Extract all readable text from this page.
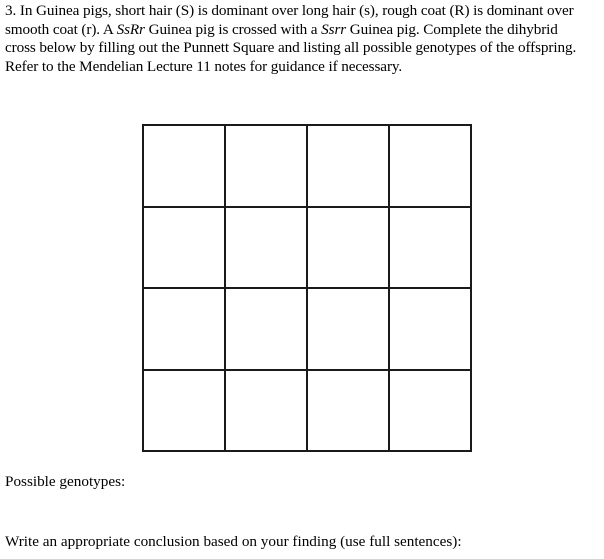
3. In Guinea pigs, short hair (S) is dominant over long hair (s), rough coat (R) is dominant over
smooth coat (r). A SsRr Guinea pig is crossed with a Ssrr Guinea pig. Complete the dihybrid
cross below by filling out the Punnett Square and listing all possible genotypes of the offspring.
Refer to the Mendelian Lecture 11 notes for guidance if necessary.

Possible genotypes:

Write an appropriate conclusion based on your finding (use full sentences):
